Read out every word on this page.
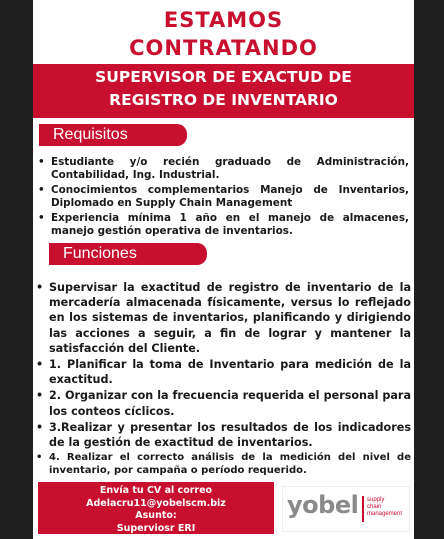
ESTAMOS
CONTRATANDO
SUPERVISOR DE EXACTUD DE
REGISTRO DE INVENTARIO
Requisitos
• Estudiante y/o recién graduado de Administración, Contabilidad, Ing. Industrial.
• Conocimientos complementarios Manejo de Inventarios, Diplomado en Supply Chain Management
• Experiencia mínima 1 año en el manejo de almacenes, manejo gestión operativa de inventarios.
Funciones
• Supervisar la exactitud de registro de inventario de la mercadería almacenada físicamente, versus lo reflejado en los sistemas de inventarios, planificando y dirigiendo las acciones a seguir, a fin de lograr y mantener la satisfacción del Cliente.
• 1. Planificar la toma de Inventario para medición de la exactitud.
• 2. Organizar con la frecuencia requerida el personal para los conteos cíclicos.
• 3.Realizar y presentar los resultados de los indicadores de la gestión de exactitud de inventarios.
• 4. Realizar el correcto análisis de la medición del nivel de inventario, por campaña o período requerido.
Envía tu CV al correo
Adelacru11@yobelscm.biz
Asunto:
Superviosr ERI
yobel supply
chain
management
